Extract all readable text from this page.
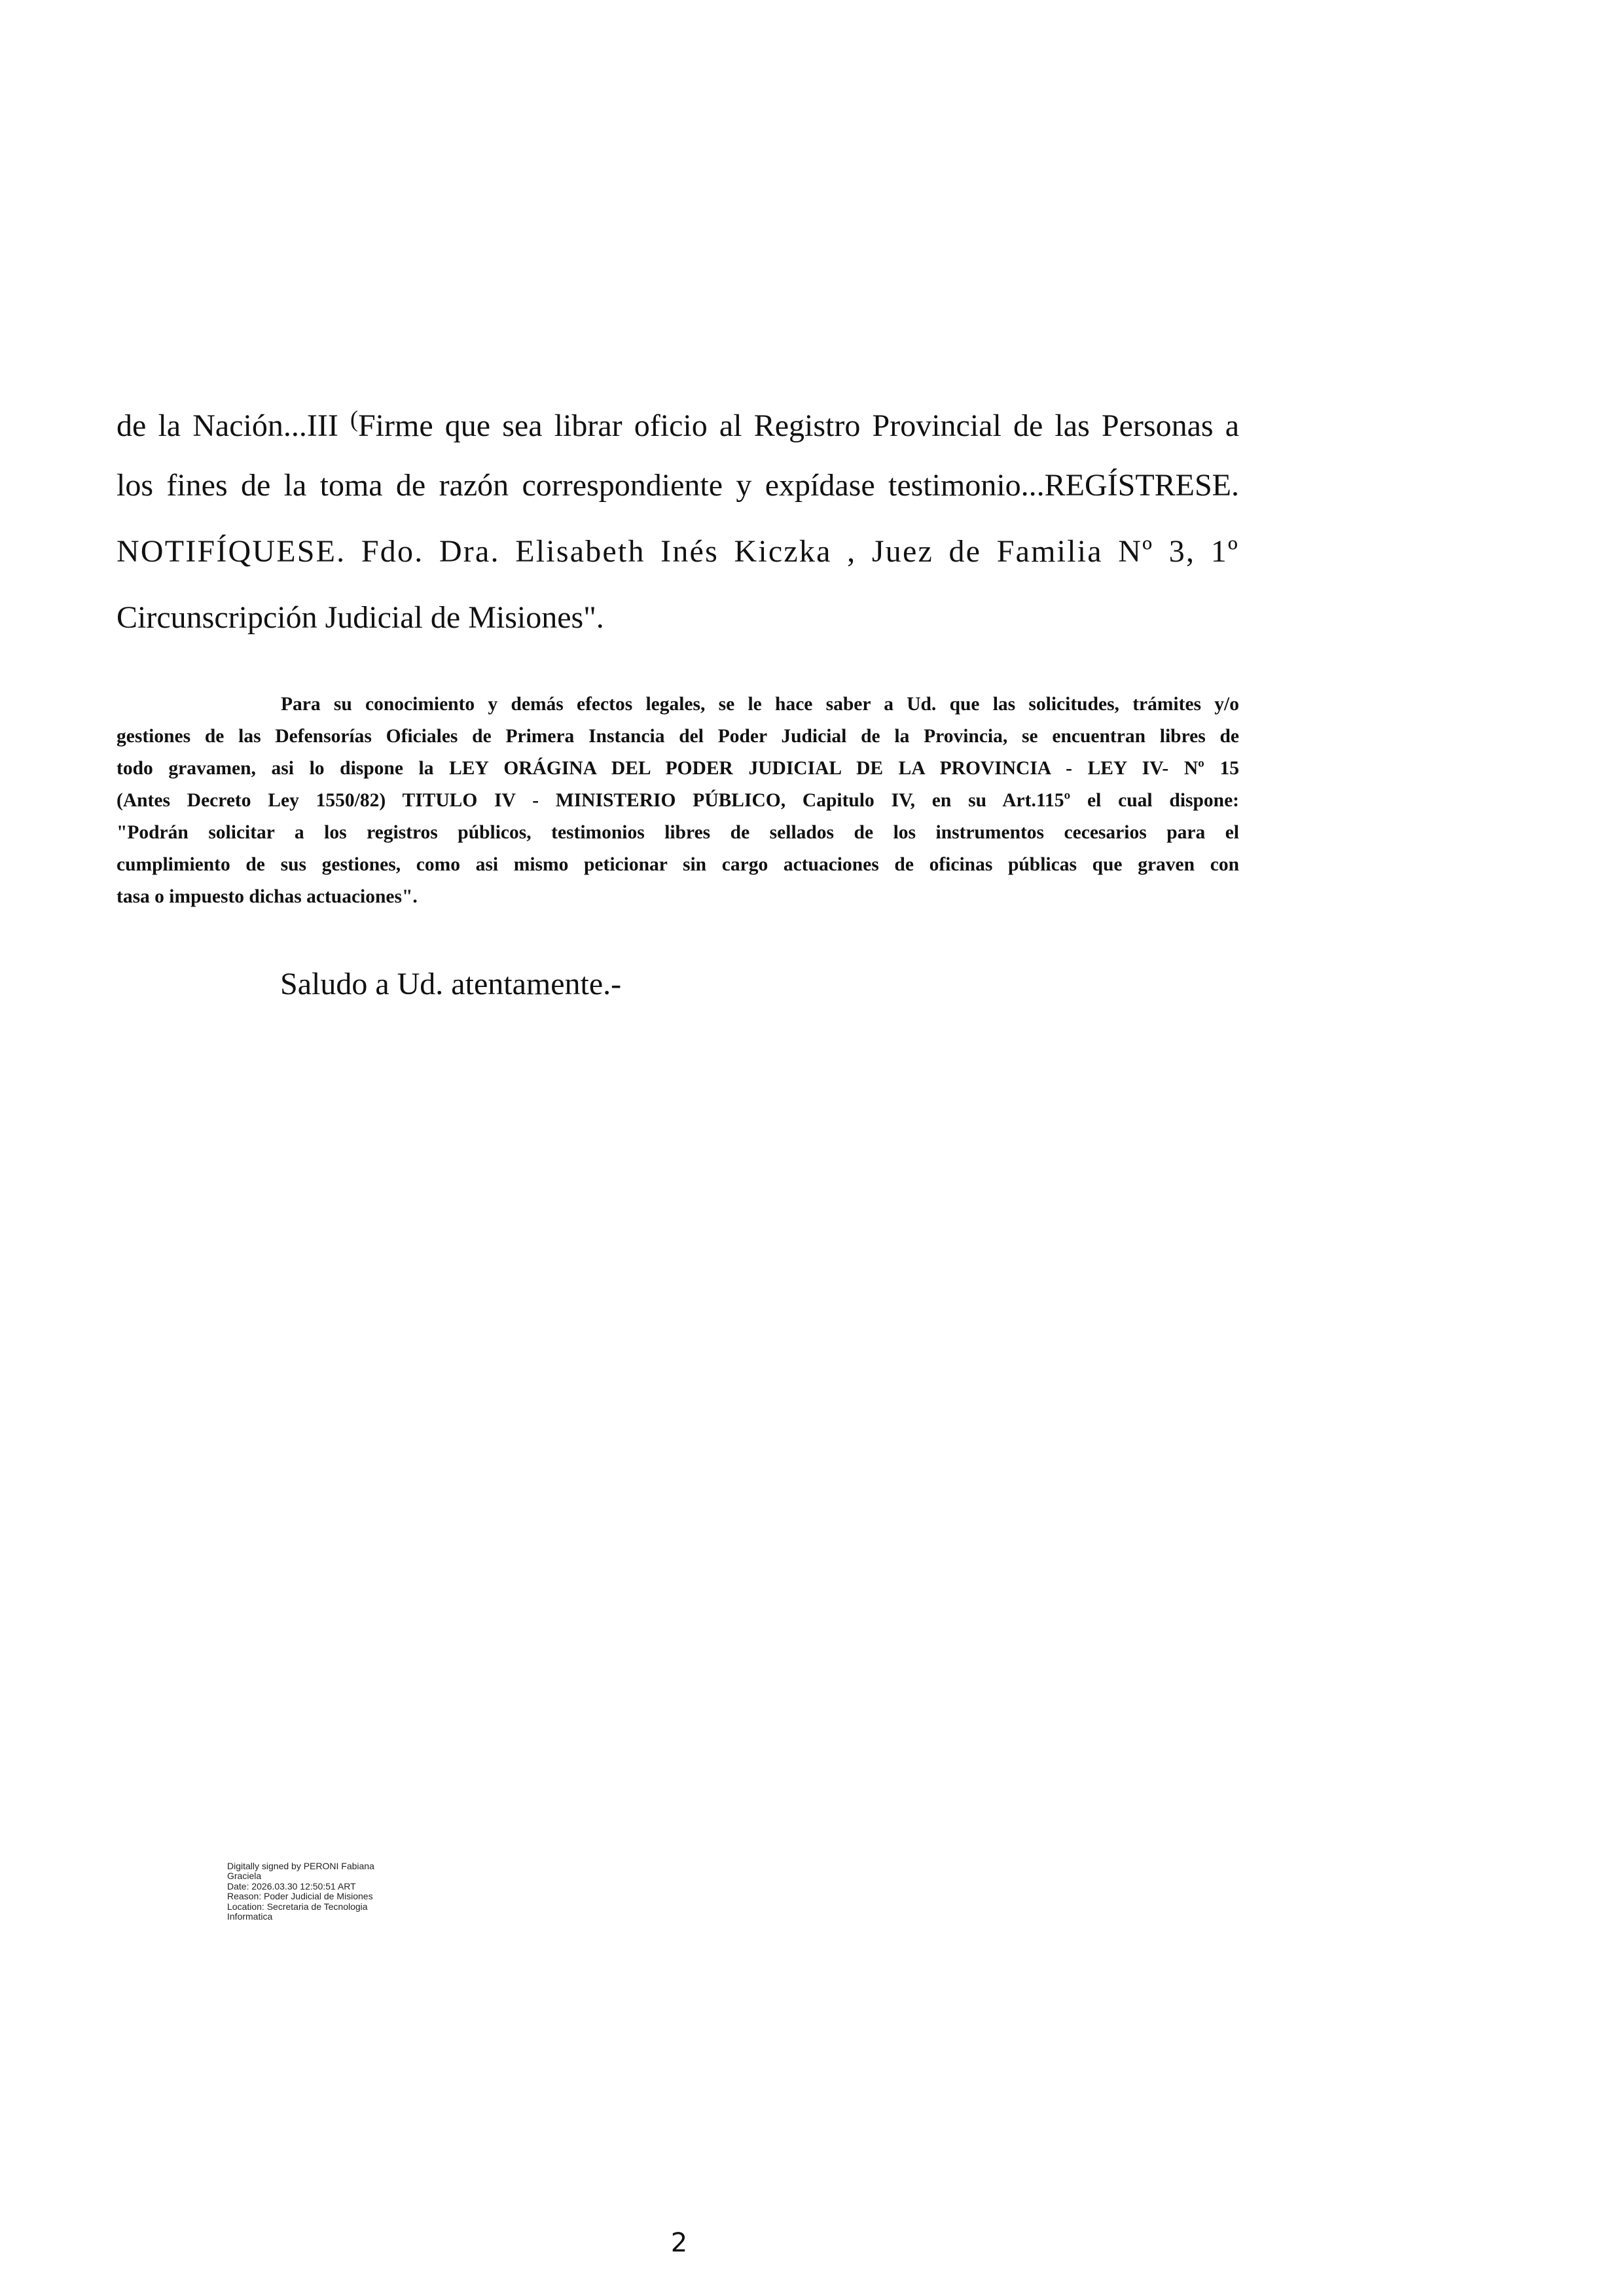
de la Nación...III (Firme que sea librar oficio al Registro Provincial de las Personas a
los fines de la toma de razón correspondiente y expídase testimonio...REGÍSTRESE.
NOTIFÍQUESE. Fdo. Dra. Elisabeth Inés Kiczka , Juez de Familia Nº 3, 1º
Circunscripción Judicial de Misiones".
Para su conocimiento y demás efectos legales, se le hace saber a Ud. que las solicitudes, trámites y/o
gestiones de las Defensorías Oficiales de Primera Instancia del Poder Judicial de la Provincia, se encuentran libres de
todo gravamen, asi lo dispone la LEY ORÁGINA DEL PODER JUDICIAL DE LA PROVINCIA - LEY IV- Nº 15
(Antes Decreto Ley 1550/82) TITULO IV - MINISTERIO PÚBLICO, Capitulo IV, en su Art.115º el cual dispone:
"Podrán solicitar a los registros públicos, testimonios libres de sellados de los instrumentos cecesarios para el
cumplimiento de sus gestiones, como asi mismo peticionar sin cargo actuaciones de oficinas públicas que graven con
tasa o impuesto dichas actuaciones".
Saludo a Ud. atentamente.-
Digitally signed by PERONI Fabiana
Graciela
Date: 2026.03.30 12:50:51 ART
Reason: Poder Judicial de Misiones
Location: Secretaria de Tecnologia
Informatica
2
